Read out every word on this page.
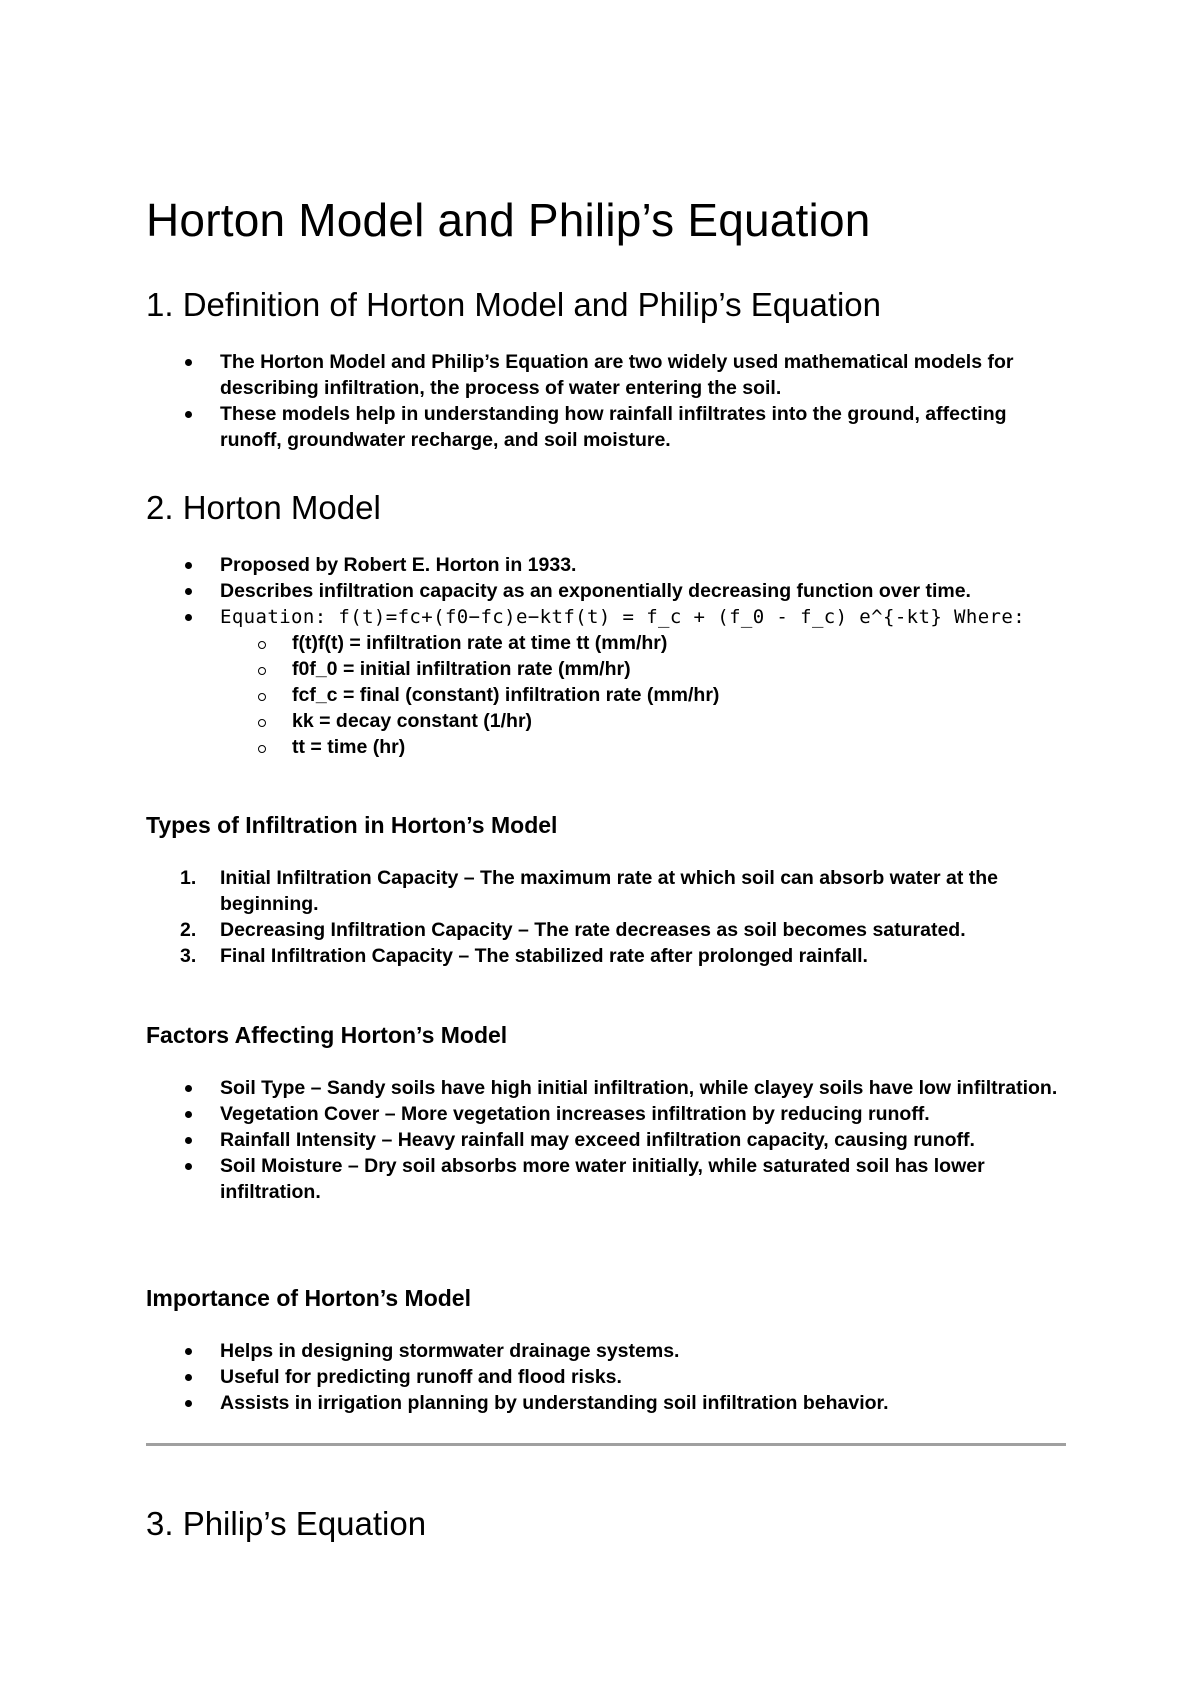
Horton Model and Philip’s Equation
1. Definition of Horton Model and Philip’s Equation
The Horton Model and Philip’s Equation are two widely used mathematical models for describing infiltration, the process of water entering the soil.
These models help in understanding how rainfall infiltrates into the ground, affecting runoff, groundwater recharge, and soil moisture.
2. Horton Model
Proposed by Robert E. Horton in 1933.
Describes infiltration capacity as an exponentially decreasing function over time.
Equation: f(t)=fc+(f0−fc)e−ktf(t) = f_c + (f_0 - f_c) e^{-kt} Where:
f(t)f(t) = infiltration rate at time tt (mm/hr)
f0f_0 = initial infiltration rate (mm/hr)
fcf_c = final (constant) infiltration rate (mm/hr)
kk = decay constant (1/hr)
tt = time (hr)
Types of Infiltration in Horton’s Model
1. Initial Infiltration Capacity – The maximum rate at which soil can absorb water at the beginning.
2. Decreasing Infiltration Capacity – The rate decreases as soil becomes saturated.
3. Final Infiltration Capacity – The stabilized rate after prolonged rainfall.
Factors Affecting Horton’s Model
Soil Type – Sandy soils have high initial infiltration, while clayey soils have low infiltration.
Vegetation Cover – More vegetation increases infiltration by reducing runoff.
Rainfall Intensity – Heavy rainfall may exceed infiltration capacity, causing runoff.
Soil Moisture – Dry soil absorbs more water initially, while saturated soil has lower infiltration.
Importance of Horton’s Model
Helps in designing stormwater drainage systems.
Useful for predicting runoff and flood risks.
Assists in irrigation planning by understanding soil infiltration behavior.
3. Philip’s Equation
